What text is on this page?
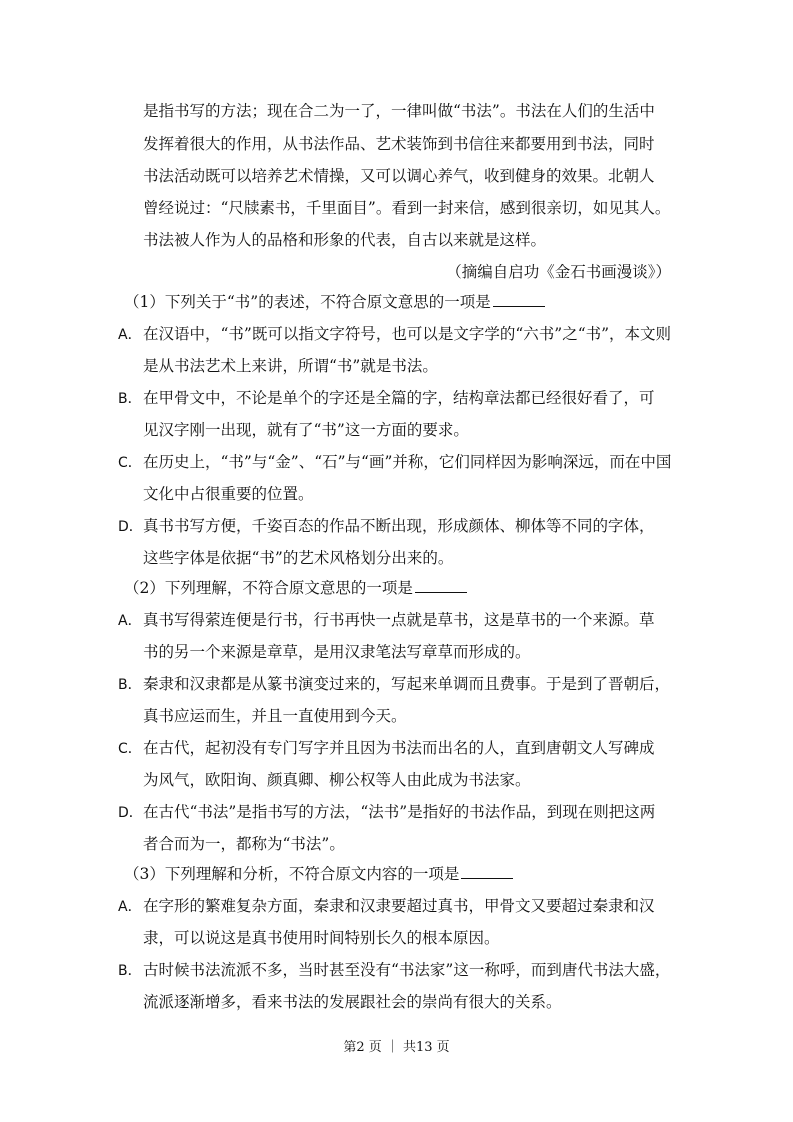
是指书写的方法；现在合二为一了，一律叫做“书法”。书法在人们的生活中
发挥着很大的作用，从书法作品、艺术装饰到书信往来都要用到书法，同时
书法活动既可以培养艺术情操，又可以调心养气，收到健身的效果。北朝人
曾经说过：“尺牍素书，千里面目”。看到一封来信，感到很亲切，如见其人。
书法被人作为人的品格和形象的代表，自古以来就是这样。
（摘编自启功《金石书画漫谈》）
（1）下列关于“书”的表述，不符合原文意思的一项是
A．在汉语中，“书”既可以指文字符号，也可以是文字学的“六书”之“书”，本文则
是从书法艺术上来讲，所谓“书”就是书法。
B．在甲骨文中，不论是单个的字还是全篇的字，结构章法都已经很好看了，可
见汉字刚一出现，就有了“书”这一方面的要求。
C．在历史上，“书”与“金”、“石”与“画”并称，它们同样因为影响深远，而在中国
文化中占很重要的位置。
D．真书书写方便，千姿百态的作品不断出现，形成颜体、柳体等不同的字体，
这些字体是依据“书”的艺术风格划分出来的。
（2）下列理解，不符合原文意思的一项是
A．真书写得萦连便是行书，行书再快一点就是草书，这是草书的一个来源。草
书的另一个来源是章草，是用汉隶笔法写章草而形成的。
B．秦隶和汉隶都是从篆书演变过来的，写起来单调而且费事。于是到了晋朝后，
真书应运而生，并且一直使用到今天。
C．在古代，起初没有专门写字并且因为书法而出名的人，直到唐朝文人写碑成
为风气，欧阳询、颜真卿、柳公权等人由此成为书法家。
D．在古代“书法”是指书写的方法，“法书”是指好的书法作品，到现在则把这两
者合而为一，都称为“书法”。
（3）下列理解和分析，不符合原文内容的一项是
A．在字形的繁难复杂方面，秦隶和汉隶要超过真书，甲骨文又要超过秦隶和汉
隶，可以说这是真书使用时间特别长久的根本原因。
B．古时候书法流派不多，当时甚至没有“书法家”这一称呼，而到唐代书法大盛，
流派逐渐增多，看来书法的发展跟社会的崇尚有很大的关系。
第2 页 ｜ 共13 页
